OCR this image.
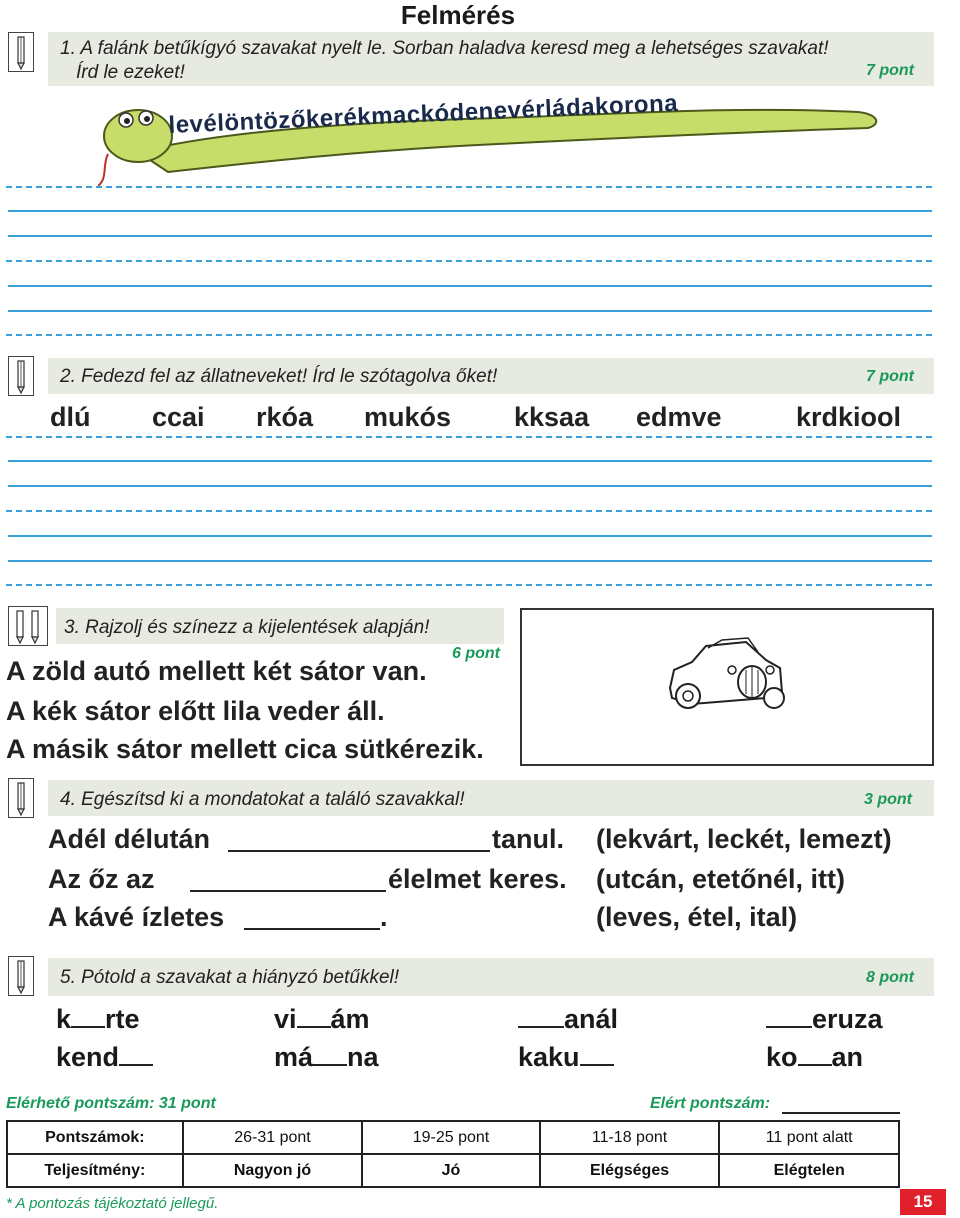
Felmérés
1. A falánk betűkígyó szavakat nyelt le. Sorban haladva keresd meg a lehetséges szavakat!
Írd le ezeket!	7 pont
levélöntözőkerékmackódenevérládakorona
2. Fedezd fel az állatneveket! Írd le szótagolva őket!	7 pont
dlú ccai rkóa mukós kksaa edmve	krdkiool
3. Rajzolj és színezz a kijelentések alapján!
6 pont
A zöld autó mellett két sátor van.
A kék sátor előtt lila veder áll.
A másik sátor mellett cica sütkérezik.
4. Egészítsd ki a mondatokat a találó szavakkal!	3 pont
Adél délután	tanul. (lekvárt, leckét, lemezt)
Az őz az	élelmet keres. (utcán, etetőnél, itt)
A kávé ízletes	.	(leves, étel, ital)
5. Pótold a szavakat a hiányzó betűkkel!	8 pont
k rte	vi ám	anál	eruza
kend	má na	kaku	ko an
Elérhető pontszám: 31 pont	Elért pontszám:
Pontszámok:	26-31 pont	19-25 pont	11-18 pont	11 pont alatt
Teljesítmény:	Nagyon jó	Jó	Elégséges	Elégtelen
* A pontozás tájékoztató jellegű.	15
